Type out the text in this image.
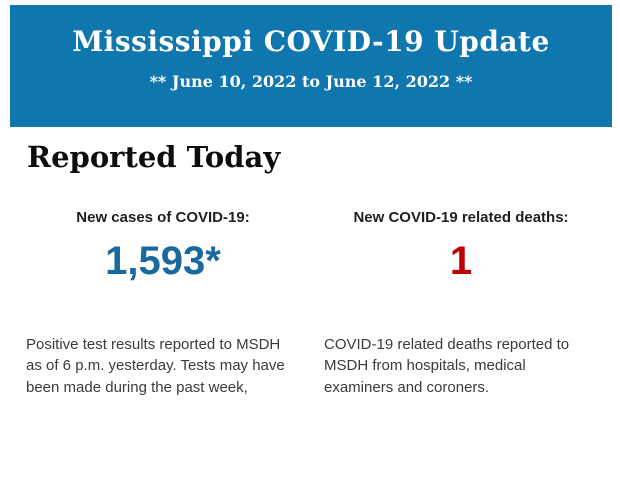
Mississippi COVID-19 Update

** June 10, 2022 to June 12, 2022 **

Reported Today
New cases of COVID-19:
1,593*

Positive test results reported to MSDH as of 6 p.m. yesterday. Tests may have been made during the past week,

New COVID-19 related deaths:
1

COVID-19 related deaths reported to MSDH from hospitals, medical examiners and coroners.
